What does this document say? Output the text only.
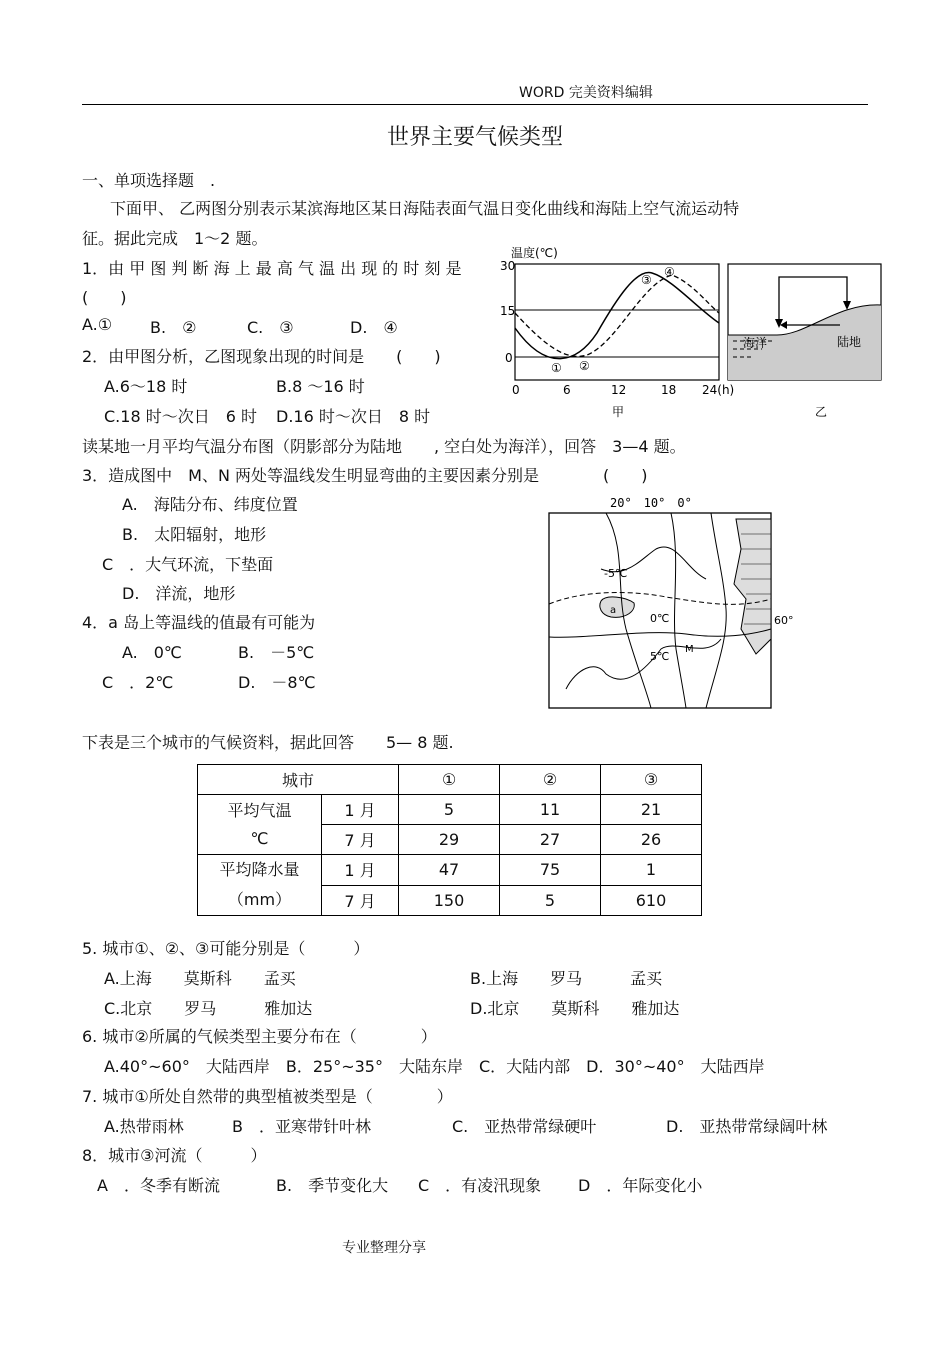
WORD 完美资料编辑
世界主要气候类型
一、单项选择题　.
下面甲、 乙两图分别表示某滨海地区某日海陆表面气温日变化曲线和海陆上空气流运动特
征。据此完成　1～2 题。
1．由 甲 图 判 断 海 上 最 高 气 温 出 现 的 时 刻 是
(　　)
A.① B.　②	C.　③	D.　④
2．由甲图分析，乙图现象出现的时间是　　(　　)
A.6～18 时	B.8 ～16 时
C.18 时～次日　6 时 D.16 时～次日　8 时
温度(℃)
30
15
0
0	6	12	18 24(h)
① ②
③
④
甲
海洋	陆地
乙
读某地一月平均气温分布图（阴影部分为陆地　　, 空白处为海洋），回答　3—4 题。
3．造成图中　M、N 两处等温线发生明显弯曲的主要因素分别是　　　　(　　)
A.　海陆分布、纬度位置
B.　太阳辐射，地形
C　．大气环流，下垫面
D.　洋流，地形
4．a 岛上等温线的值最有可能为
A.　0℃	B.　－5℃
C　．2℃	D.　－8℃
20°　10°　0°
a
-5℃
0℃
5℃
M
60°
下表是三个城市的气候资料，据此回答　　5— 8 题.
城市		①	②	③
平均气温
℃	1 月	5	11	21
	7 月	29	27	26
平均降水量
（mm）	1 月	47	75	1
	7 月	150	5	610
5. 城市①、②、③可能分别是（　　　）
A.上海　　莫斯科　　孟买	B.上海　　罗马　　　孟买
C.北京　　罗马　　　雅加达	D.北京　　莫斯科　　雅加达
6. 城市②所属的气候类型主要分布在（　　　　）
A.40°~60°　大陆西岸　B．25°~35°　大陆东岸　C．大陆内部　D．30°~40°　大陆西岸
7. 城市①所处自然带的典型植被类型是（　　　　）
A.热带雨林	B　．亚寒带针叶林	C.　亚热带常绿硬叶	D.　亚热带常绿阔叶林
8．城市③河流（　　　）
A　．冬季有断流	B.　季节变化大 C　．有凌汛现象 D　．年际变化小
专业整理分享
